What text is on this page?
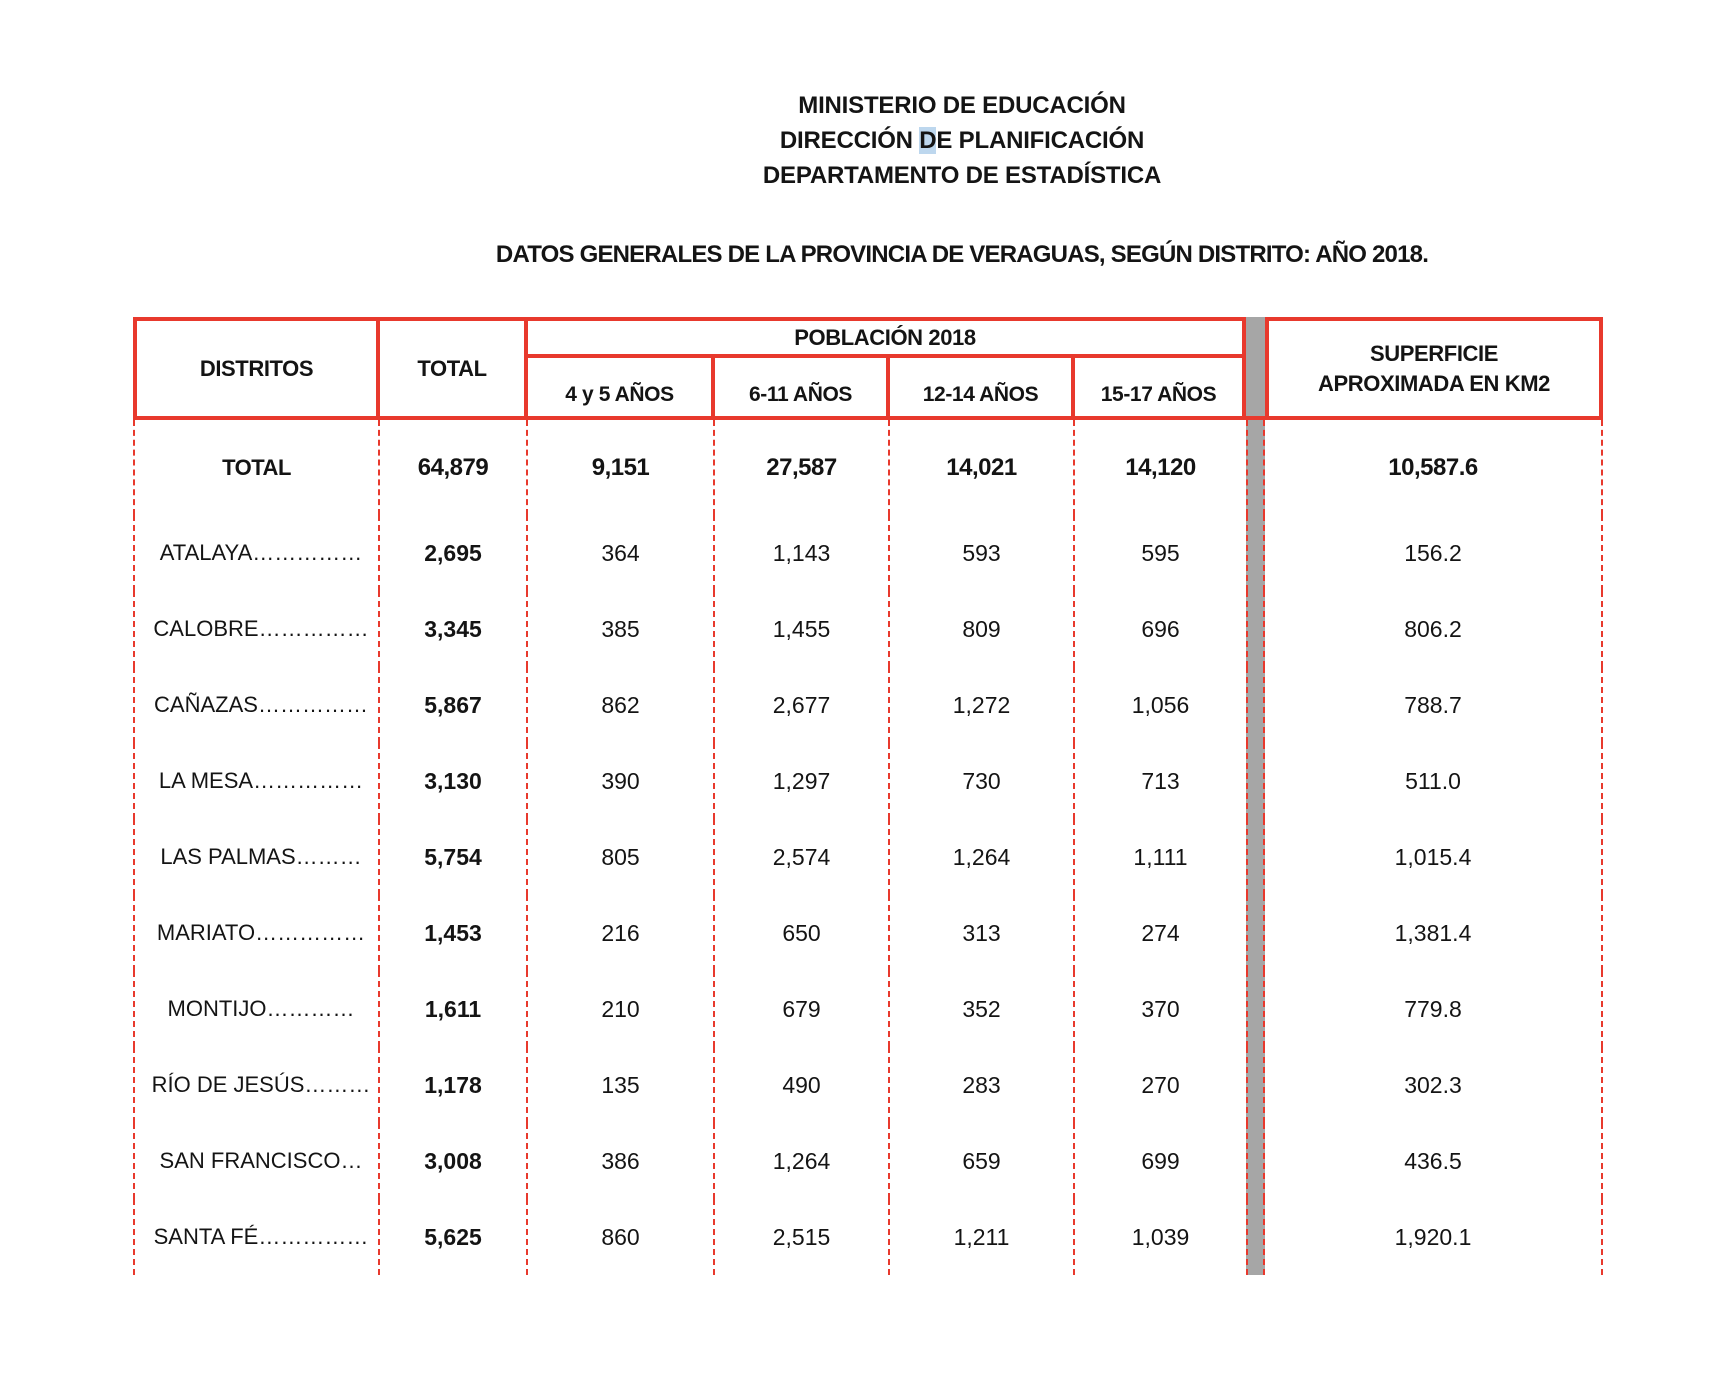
MINISTERIO DE EDUCACIÓN
DIRECCIÓN DE PLANIFICACIÓN
DEPARTAMENTO DE ESTADÍSTICA
DATOS GENERALES DE LA PROVINCIA DE VERAGUAS, SEGÚN DISTRITO: AÑO 2018.
DISTRITOS	TOTAL
POBLACIÓN 2018
4 y 5 AÑOS	6-11 AÑOS	12-14 AÑOS	15-17 AÑOS
SUPERFICIE APROXIMADA EN KM2
TOTAL	64,879	9,151	27,587	14,021	14,120	10,587.6
ATALAYA……………	2,695	364	1,143	593	595	156.2
CALOBRE……………	3,345	385	1,455	809	696	806.2
CAÑAZAS……………	5,867	862	2,677	1,272	1,056	788.7
LA MESA……………	3,130	390	1,297	730	713	511.0
LAS PALMAS………	5,754	805	2,574	1,264	1,111	1,015.4
MARIATO……………	1,453	216	650	313	274	1,381.4
MONTIJO…………	1,611	210	679	352	370	779.8
RÍO DE JESÚS………	1,178	135	490	283	270	302.3
SAN FRANCISCO…	3,008	386	1,264	659	699	436.5
SANTA FÉ……………	5,625	860	2,515	1,211	1,039	1,920.1
